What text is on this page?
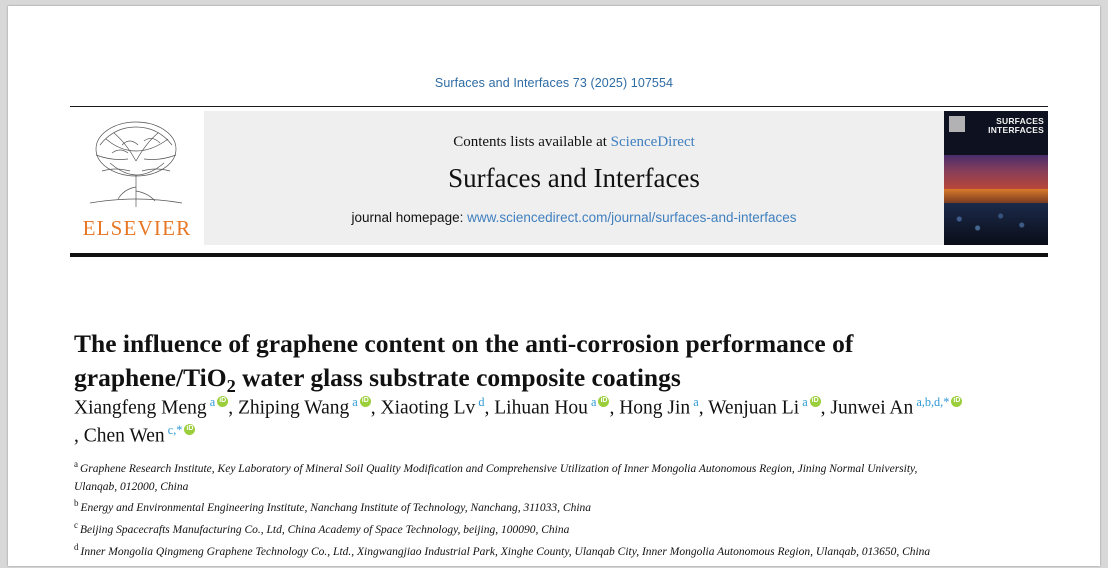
Surfaces and Interfaces 73 (2025) 107554
ELSEVIER
Contents lists available at ScienceDirect
Surfaces and Interfaces
journal homepage: www.sciencedirect.com/journal/surfaces-and-interfaces
SURFACES
INTERFACES
The influence of graphene content on the anti-corrosion performance of graphene/TiO$_2$ water glass substrate composite coatings
Xiangfeng Meng $^a$ iD , Zhiping Wang $^a$ iD , Xiaoting Lv $^d$, Lihuan Hou $^a$ iD , Hong Jin $^a$, Wenjuan Li $^a$ iD , Junwei An $^{a,b,d,*}$iD, Chen Wen $^{c,*}$iD
$^a$ Graphene Research Institute, Key Laboratory of Mineral Soil Quality Modification and Comprehensive Utilization of Inner Mongolia Autonomous Region, Jining Normal University, Ulanqab, 012000, China
$^b$ Energy and Environmental Engineering Institute, Nanchang Institute of Technology, Nanchang, 311033, China
$^c$ Beijing Spacecrafts Manufacturing Co., Ltd, China Academy of Space Technology, beijing, 100090, China
$^d$ Inner Mongolia Qingmeng Graphene Technology Co., Ltd., Xingwangjiao Industrial Park, Xinghe County, Ulanqab City, Inner Mongolia Autonomous Region, Ulanqab, 013650, China
